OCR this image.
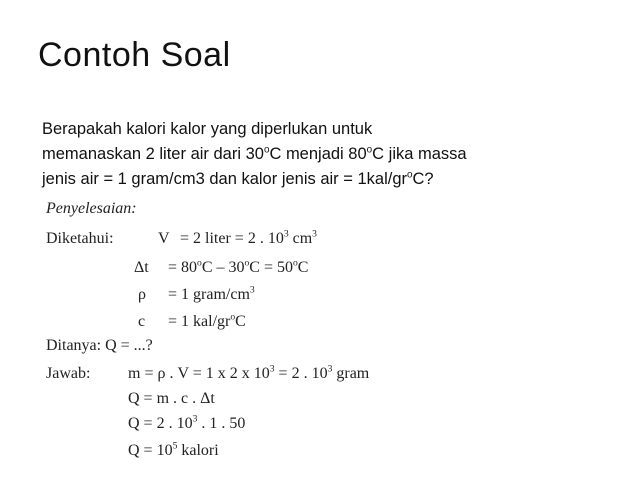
Contoh Soal
Berapakah kalori kalor yang diperlukan untuk
memanaskan 2 liter air dari 30$^o$C menjadi 80$^o$C jika massa
jenis air = 1 gram/cm3 dan kalor jenis air = $1kal/gr^oC$?
Penyelesaian:
Diketahui:	V = 2 liter = 2 . $10^3$ $cm^3$
$\Delta t = 80^oC - 30^oC = 50^oC$
ρ = 1 gram/$cm^3$
c = 1 kal/$gr^oC$
Ditanya: Q = ...?
Jawab: m = ρ . V = 1 x 2 x $10^3 = 2$ . $10^3$ gram
Q = m . c . Δt
Q = 2 . $10^3$ . 1 . 50
$Q = 10^5$ kalori
